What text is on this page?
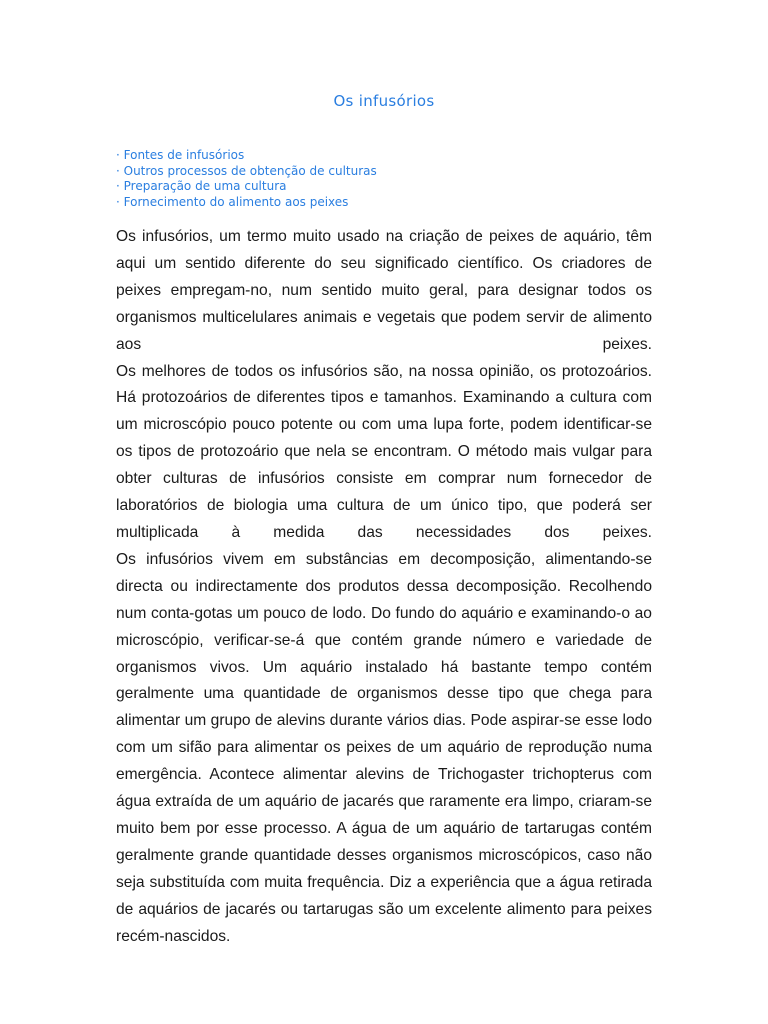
Os infusórios
· Fontes de infusórios
· Outros processos de obtenção de culturas
· Preparação de uma cultura
· Fornecimento do alimento aos peixes

Os infusórios, um termo muito usado na criação de peixes de aquário, têm aqui um sentido diferente do seu significado científico. Os criadores de peixes empregam-no, num sentido muito geral, para designar todos os organismos multicelulares animais e vegetais que podem servir de alimento aos peixes.

Os melhores de todos os infusórios são, na nossa opinião, os protozoários. Há protozoários de diferentes tipos e tamanhos. Examinando a cultura com um microscópio pouco potente ou com uma lupa forte, podem identificar-se os tipos de protozoário que nela se encontram. O método mais vulgar para obter culturas de infusórios consiste em comprar num fornecedor de laboratórios de biologia uma cultura de um único tipo, que poderá ser multiplicada à medida das necessidades dos peixes.

Os infusórios vivem em substâncias em decomposição, alimentando-se directa ou indirectamente dos produtos dessa decomposição. Recolhendo num conta-gotas um pouco de lodo. Do fundo do aquário e examinando-o ao microscópio, verificar-se-á que contém grande número e variedade de organismos vivos. Um aquário instalado há bastante tempo contém geralmente uma quantidade de organismos desse tipo que chega para alimentar um grupo de alevins durante vários dias. Pode aspirar-se esse lodo com um sifão para alimentar os peixes de um aquário de reprodução numa emergência. Acontece alimentar alevins de Trichogaster trichopterus com água extraída de um aquário de jacarés que raramente era limpo, criaram-se muito bem por esse processo. A água de um aquário de tartarugas contém geralmente grande quantidade desses organismos microscópicos, caso não seja substituída com muita frequência. Diz a experiência que a água retirada de aquários de jacarés ou tartarugas são um excelente alimento para peixes recém-nascidos.
